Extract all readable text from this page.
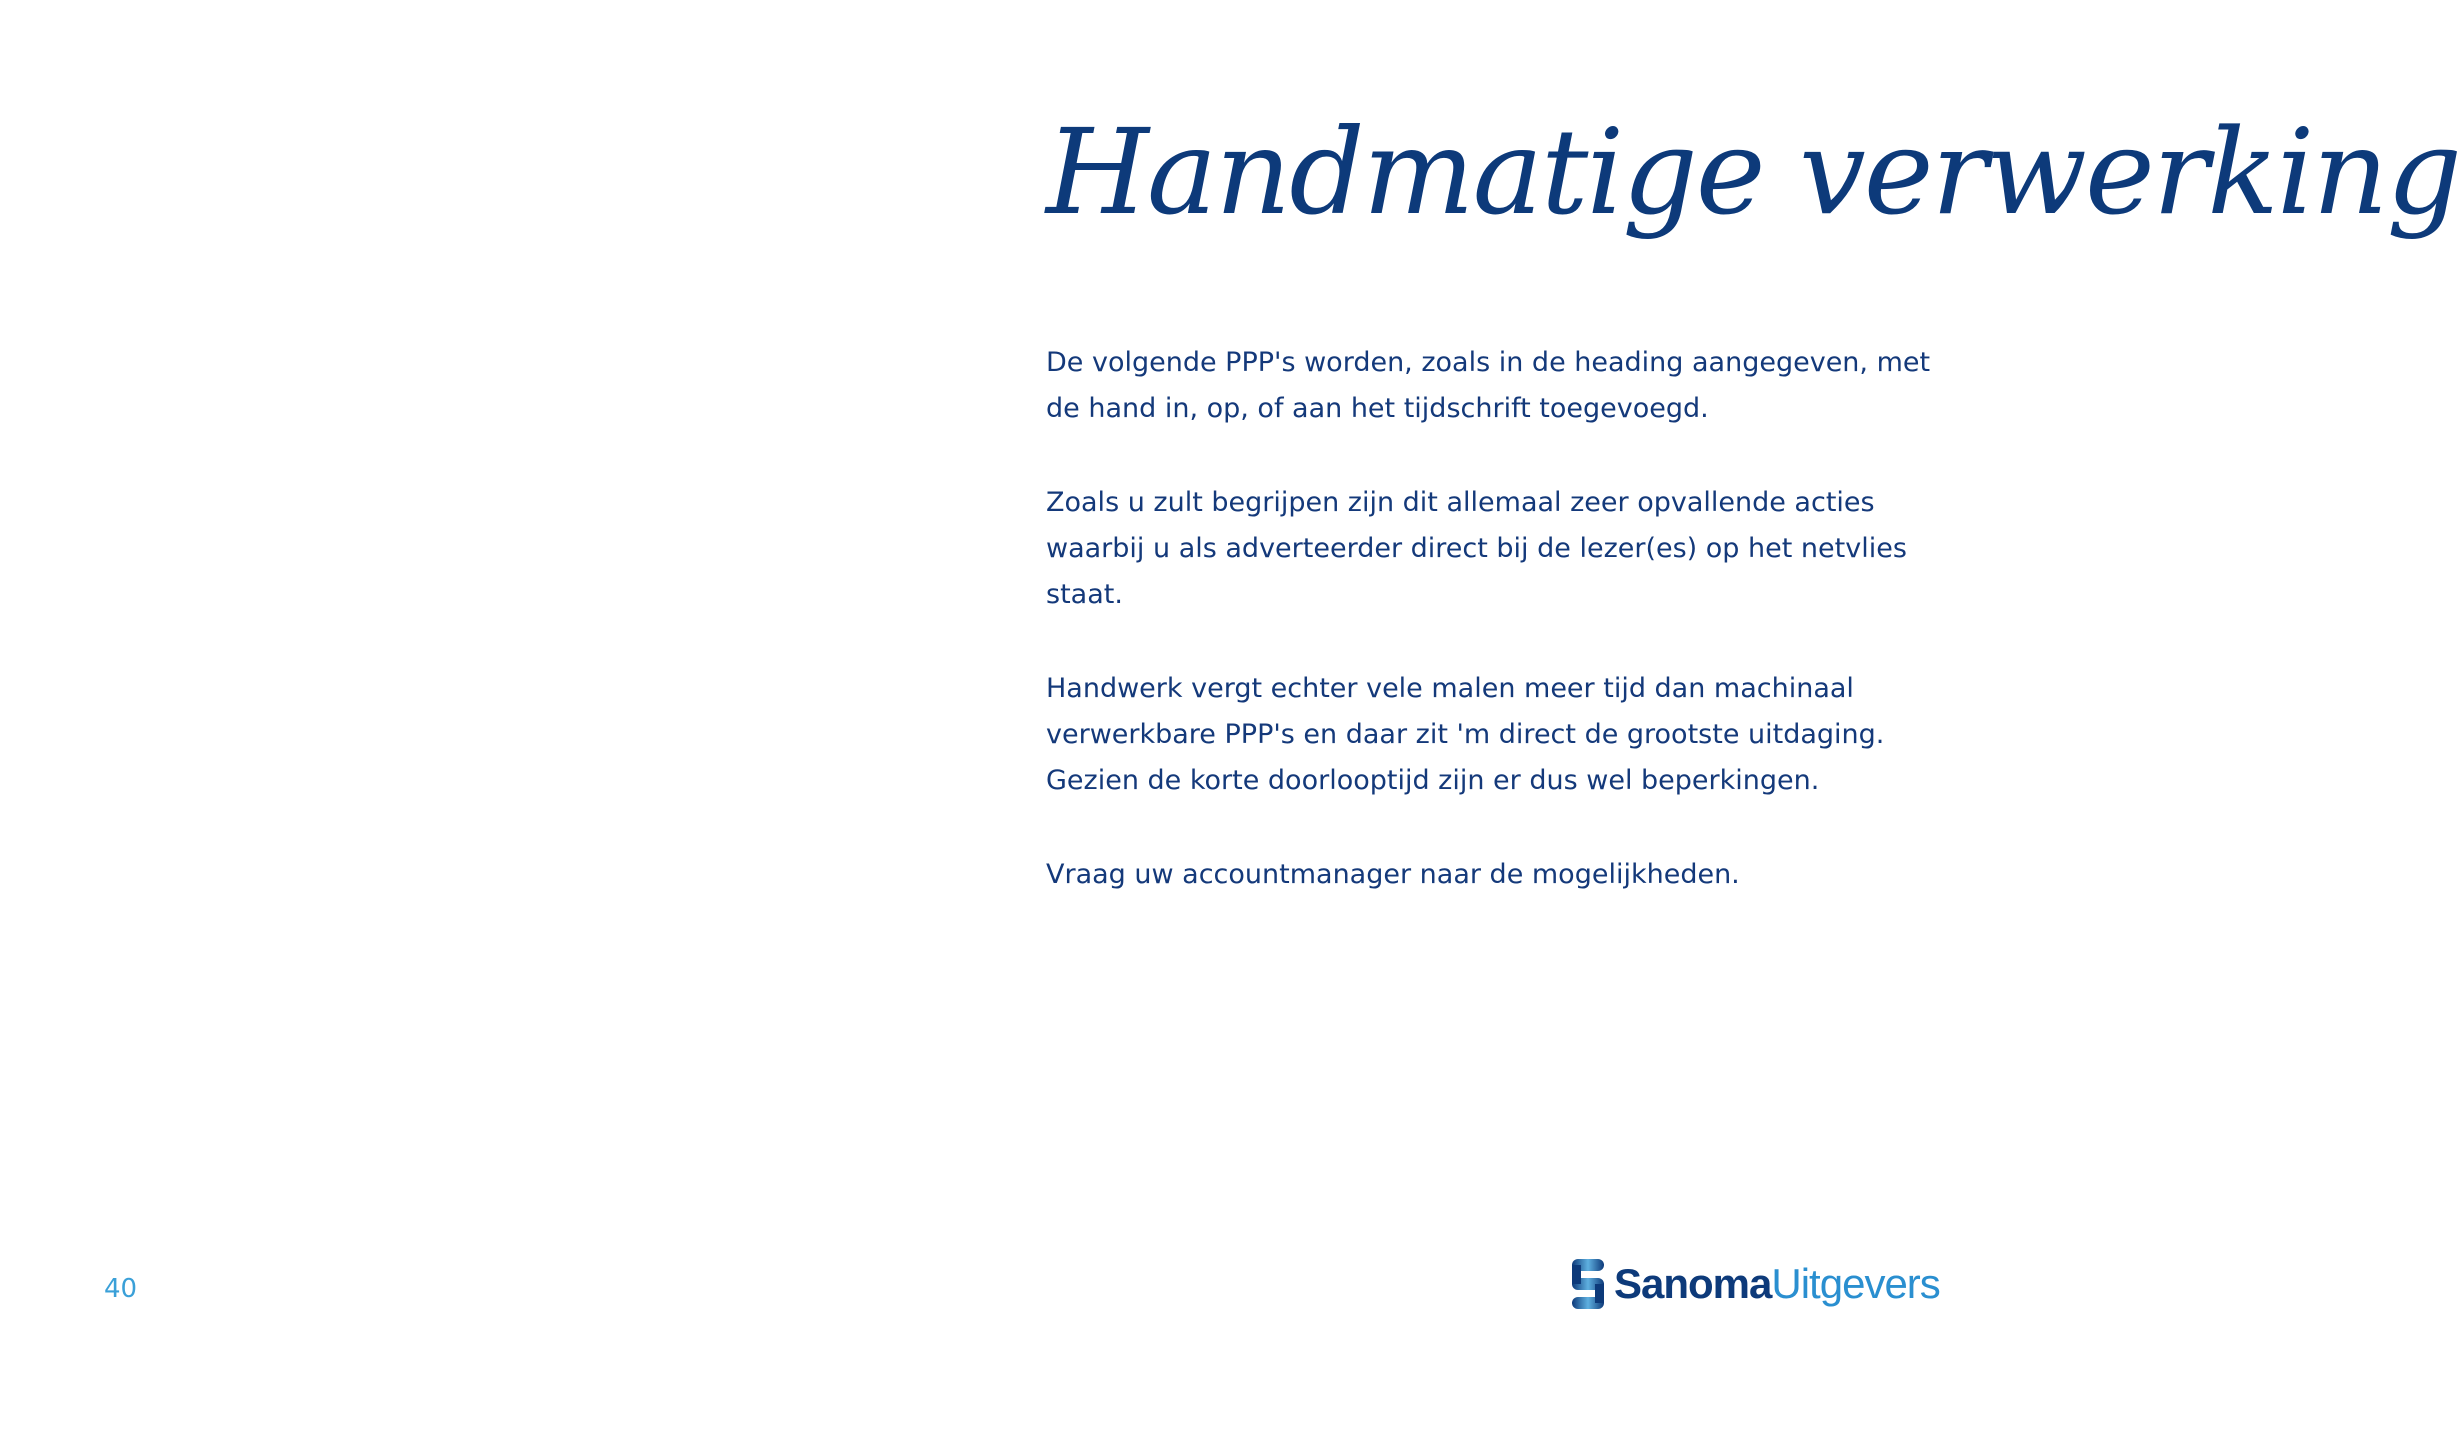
40
Handmatige verwerking

De volgende PPP's worden, zoals in de heading aangegeven, met de hand in, op, of aan het tijdschrift toegevoegd.

Zoals u zult begrijpen zijn dit allemaal zeer opvallende acties waarbij u als adverteerder direct bij de lezer(es) op het netvlies staat.

Handwerk vergt echter vele malen meer tijd dan machinaal verwerkbare PPP's en daar zit 'm direct de grootste uitdaging. Gezien de korte doorlooptijd zijn er dus wel beperkingen.

Vraag uw accountmanager naar de mogelijkheden.

Sanoma Uitgevers
